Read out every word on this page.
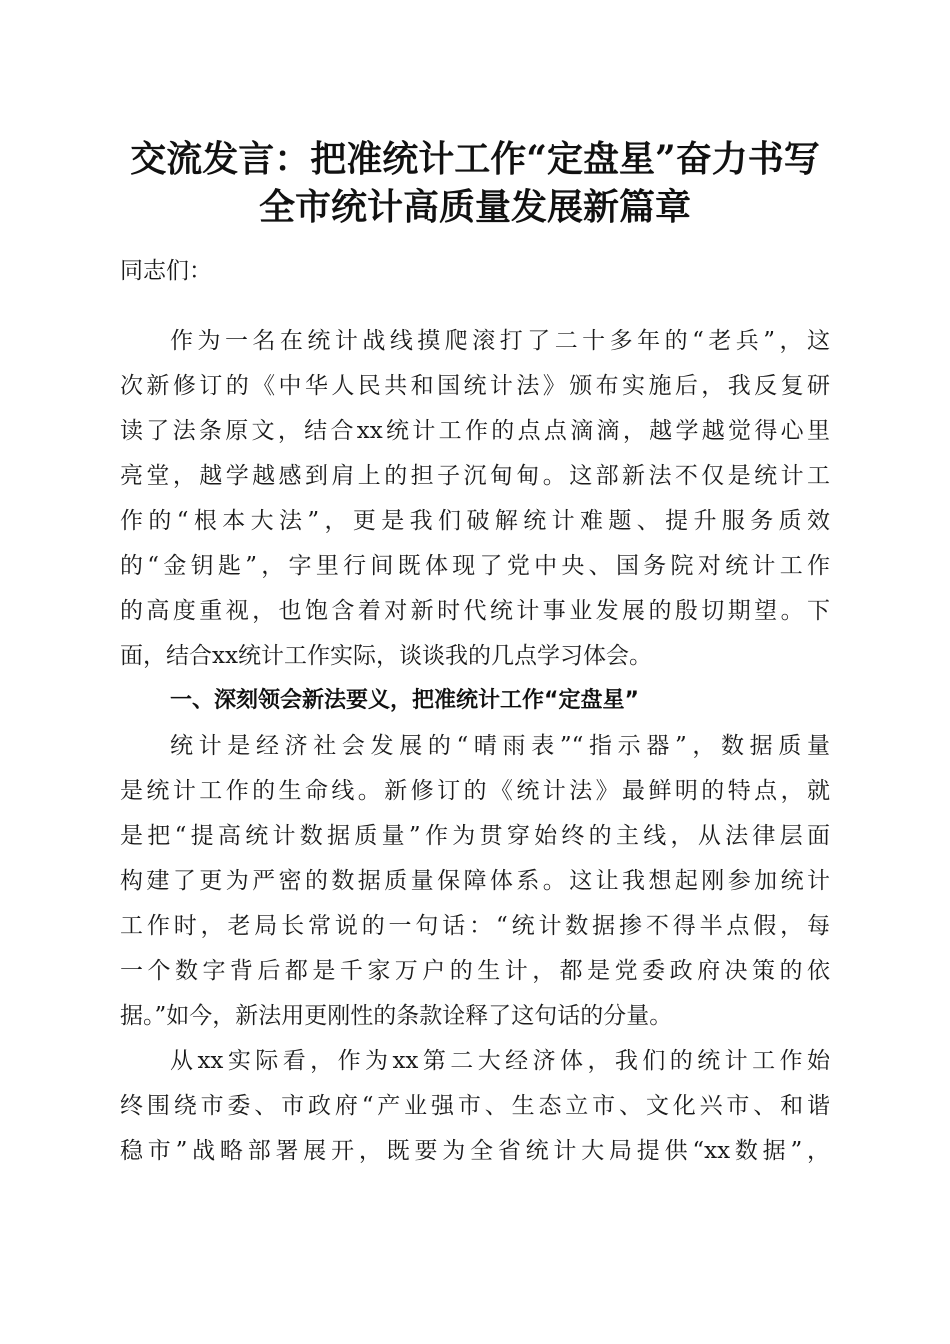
交流发言：把准统计工作“定盘星”奋力书写
全市统计高质量发展新篇章
同志们：
作为一名在统计战线摸爬滚打了二十多年的“老兵”，这
次新修订的《中华人民共和国统计法》颁布实施后，我反复研
读了法条原文，结合xx统计工作的点点滴滴，越学越觉得心里
亮堂，越学越感到肩上的担子沉甸甸。这部新法不仅是统计工
作的“根本大法”，更是我们破解统计难题、提升服务质效
的“金钥匙”，字里行间既体现了党中央、国务院对统计工作
的高度重视，也饱含着对新时代统计事业发展的殷切期望。下
面，结合xx统计工作实际，谈谈我的几点学习体会。
一、深刻领会新法要义，把准统计工作“定盘星”
统计是经济社会发展的“晴雨表”“指示器”，数据质量
是统计工作的生命线。新修订的《统计法》最鲜明的特点，就
是把“提高统计数据质量”作为贯穿始终的主线，从法律层面
构建了更为严密的数据质量保障体系。这让我想起刚参加统计
工作时，老局长常说的一句话：“统计数据掺不得半点假，每
一个数字背后都是千家万户的生计，都是党委政府决策的依
据。”如今，新法用更刚性的条款诠释了这句话的分量。
从xx实际看，作为xx第二大经济体，我们的统计工作始
终围绕市委、市政府“产业强市、生态立市、文化兴市、和谐
稳市”战略部署展开，既要为全省统计大局提供“xx数据”，
